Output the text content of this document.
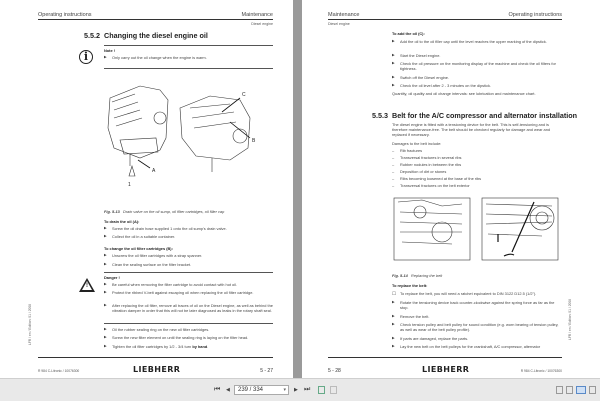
Operating instructions	Maintenance
Diesel engine
5.5.2 Changing the diesel engine oil
i	Note !
▶ Only carry out the oil change when the engine is warm.
A
C
B
1
Fig. 5-13 Drain valve on the oil sump, oil filter cartridges, oil filler cap
To drain the oil (A):
▶ Screw the oil drain hose supplied 1 onto the oil sump's drain valve.
▶ Collect the oil in a suitable container.
To change the oil filter cartridges (B):
▶ Unscrew the oil filter cartridges with a strap spanner.
▶ Clean the sealing surface on the filter bracket.
!
Danger !
▶ Be careful when removing the filter cartridge to avoid contact with hot oil.
▶ Protect the ribbed V-belt against escaping oil when replacing the oil filter cartridge.
▶ After replacing the oil filter, remove all traces of oil on the Diesel engine, as well as behind the vibration damper in order that this will not be later diagnosed as leaks in the rotary shaft seal.
▶ Oil the rubber sealing ring on the new oil filter cartridges.
▶ Screw the new filter element on until the sealing ring is laying on the filter head.
▶ Tighten the oil filter cartridges by 1/2 - 3/4 turn by hand.
LFR / en / Edition: 01 / 2008
R 984 C-Litronic / 10076300	LIEBHERR	5 - 27
Maintenance	Operating instructions
Diesel engine
To add the oil (C):
▶ Add the oil to the oil filler cap until the level reaches the upper marking of the dipstick.
▶ Start the Diesel engine.
▶ Check the oil pressure on the monitoring display of the machine and check the oil filters for tightness.
▶ Switch off the Diesel engine.
▶ Check the oil level after 2 - 3 minutes on the dipstick.
Quantity, oil quality and oil change intervals: see lubrication and maintenance chart.
5.5.3 Belt for the A/C compressor and alternator installation
The diesel engine is fitted with a tensioning device for the belt. This is self-tensioning and is therefore maintenance-free. The belt should be checked regularly for damage and wear and replaced if necessary.
Damages to the belt include:
– Rib fractures
– Transversal fractures in several ribs
– Rubber nodules in between the ribs
– Deposition of dirt or stones
– Ribs becoming loosened at the base of the ribs
– Transversal fractures on the belt exterior
Fig. 5-14 Replacing the belt
To replace the belt:
☐ To replace the belt, you will need a ratchet equivalent to DIN 3122 D12.5 (1/2").
▶ Rotate the tensioning device back counter-clockwise against the spring force as far as the stop.
▶ Remove the belt.
▶ Check tension pulley and belt pulley for sound condition (e.g. worn bearing of tension pulley, as well as wear of the belt pulley profile).
▶ If parts are damaged, replace the parts.
▶ Lay the new belt on the belt pulleys for the crankshaft, A/C compressor, alternator
LFR / en / Edition: 01 / 2008
5 - 28	LIEBHERR	R 984 C-Litronic / 10076300
⏮ ◀	239 / 334	▾ ▶ ⏭
